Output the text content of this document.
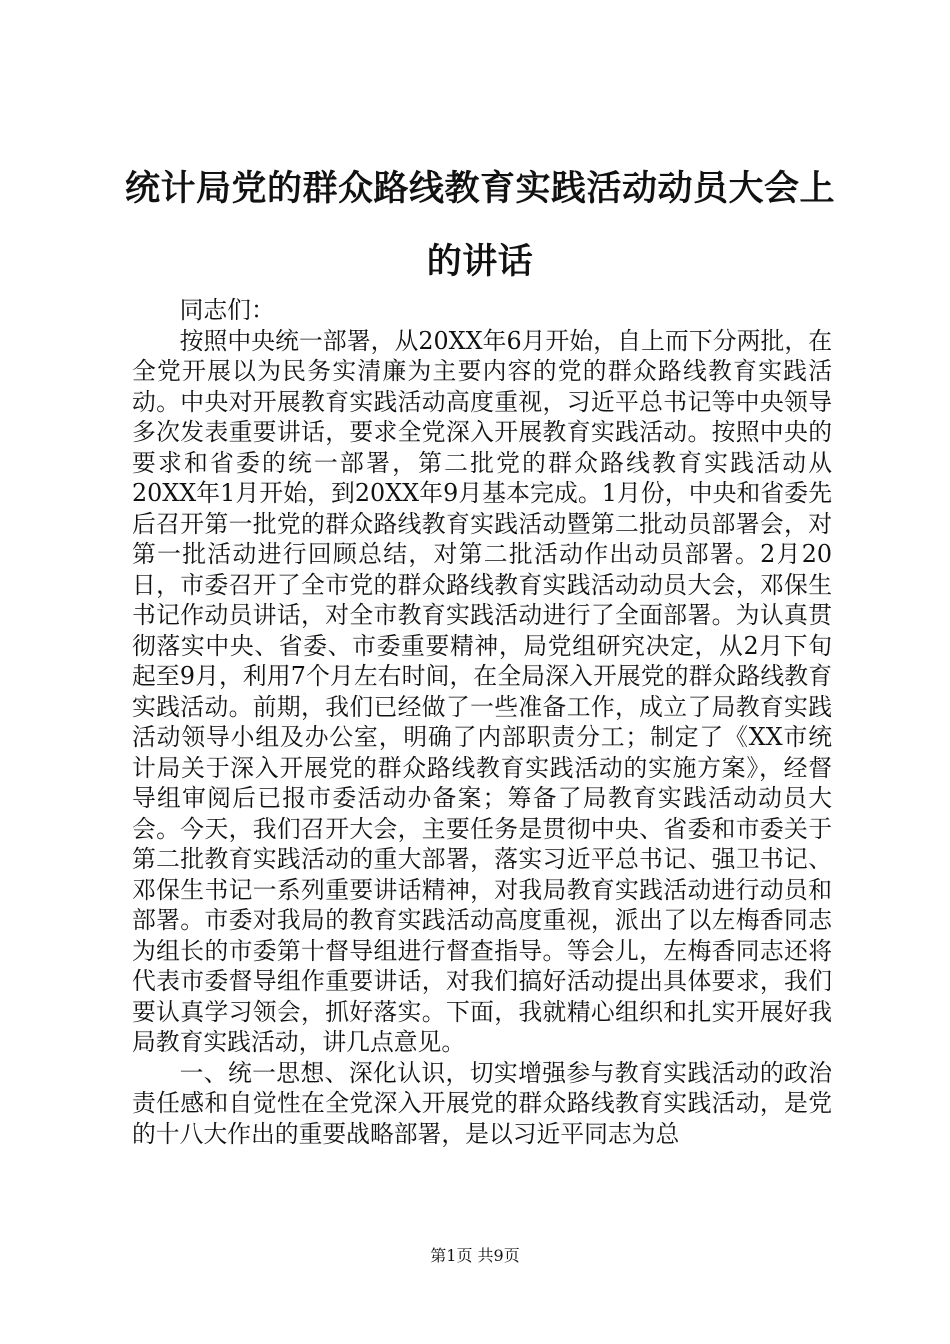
统计局党的群众路线教育实践活动动员大会上
的讲话

同志们：

按照中央统一部署，从20XX年6月开始，自上而下分两批，在全党开展以为民务实清廉为主要内容的党的群众路线教育实践活动。中央对开展教育实践活动高度重视，习近平总书记等中央领导多次发表重要讲话，要求全党深入开展教育实践活动。按照中央的要求和省委的统一部署，第二批党的群众路线教育实践活动从20XX年1月开始，到20XX年9月基本完成。1月份，中央和省委先后召开第一批党的群众路线教育实践活动暨第二批动员部署会，对第一批活动进行回顾总结，对第二批活动作出动员部署。2月20日，市委召开了全市党的群众路线教育实践活动动员大会，邓保生书记作动员讲话，对全市教育实践活动进行了全面部署。为认真贯彻落实中央、省委、市委重要精神，局党组研究决定，从2月下旬起至9月，利用7个月左右时间，在全局深入开展党的群众路线教育实践活动。前期，我们已经做了一些准备工作，成立了局教育实践活动领导小组及办公室，明确了内部职责分工；制定了《XX市统计局关于深入开展党的群众路线教育实践活动的实施方案》，经督导组审阅后已报市委活动办备案；筹备了局教育实践活动动员大会。今天，我们召开大会，主要任务是贯彻中央、省委和市委关于第二批教育实践活动的重大部署，落实习近平总书记、强卫书记、邓保生书记一系列重要讲话精神，对我局教育实践活动进行动员和部署。市委对我局的教育实践活动高度重视，派出了以左梅香同志为组长的市委第十督导组进行督查指导。等会儿，左梅香同志还将代表市委督导组作重要讲话，对我们搞好活动提出具体要求，我们要认真学习领会，抓好落实。下面，我就精心组织和扎实开展好我局教育实践活动，讲几点意见。

一、统一思想、深化认识，切实增强参与教育实践活动的政治责任感和自觉性在全党深入开展党的群众路线教育实践活动，是党的十八大作出的重要战略部署，是以习近平同志为总

第1页 共9页
